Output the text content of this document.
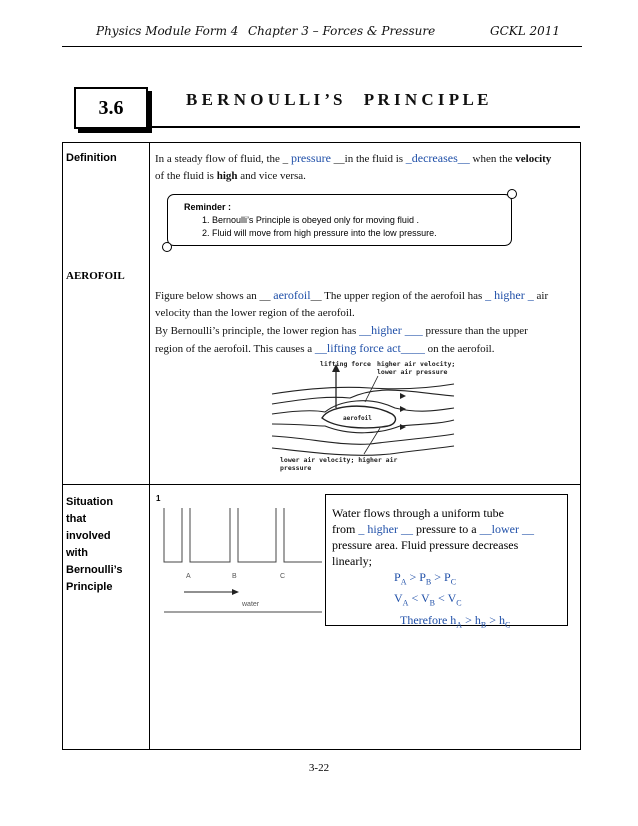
Physics Module Form 4 Chapter 3 – Forces & Pressure	GCKL 2011
3.6	B E R N O U L L I ’ S     P R I N C I P L E
Definition	In a steady flow of fluid, the _ pressure __in the fluid is _decreases__ when the velocity
of the fluid is high and vice versa.
Reminder :
1. Bernoulli’s Principle is obeyed only for moving fluid .
2. Fluid will move from high pressure into the low pressure.
AEROFOIL
Figure below shows an __ aerofoil__ The upper region of the aerofoil has _ higher _ air
velocity than the lower region of the aerofoil.
By Bernoulli’s principle, the lower region has __higher ___ pressure than the upper
region of the aerofoil. This causes a __lifting force act____ on the aerofoil.
lifting force higher air velocity;
lower air pressure
aerofoil
lower air velocity; higher air
pressure
Situation
that
involved
with
Bernoulli’s
Principle
1
A	B	C
water
Water flows through a uniform tube
from _ higher __ pressure to a __lower __
pressure area. Fluid pressure decreases
linearly;
$P_A > P_B > P_C$
$V_A < V_B < V_C$
Therefore $h_A > h_B > h_C$
3-22
